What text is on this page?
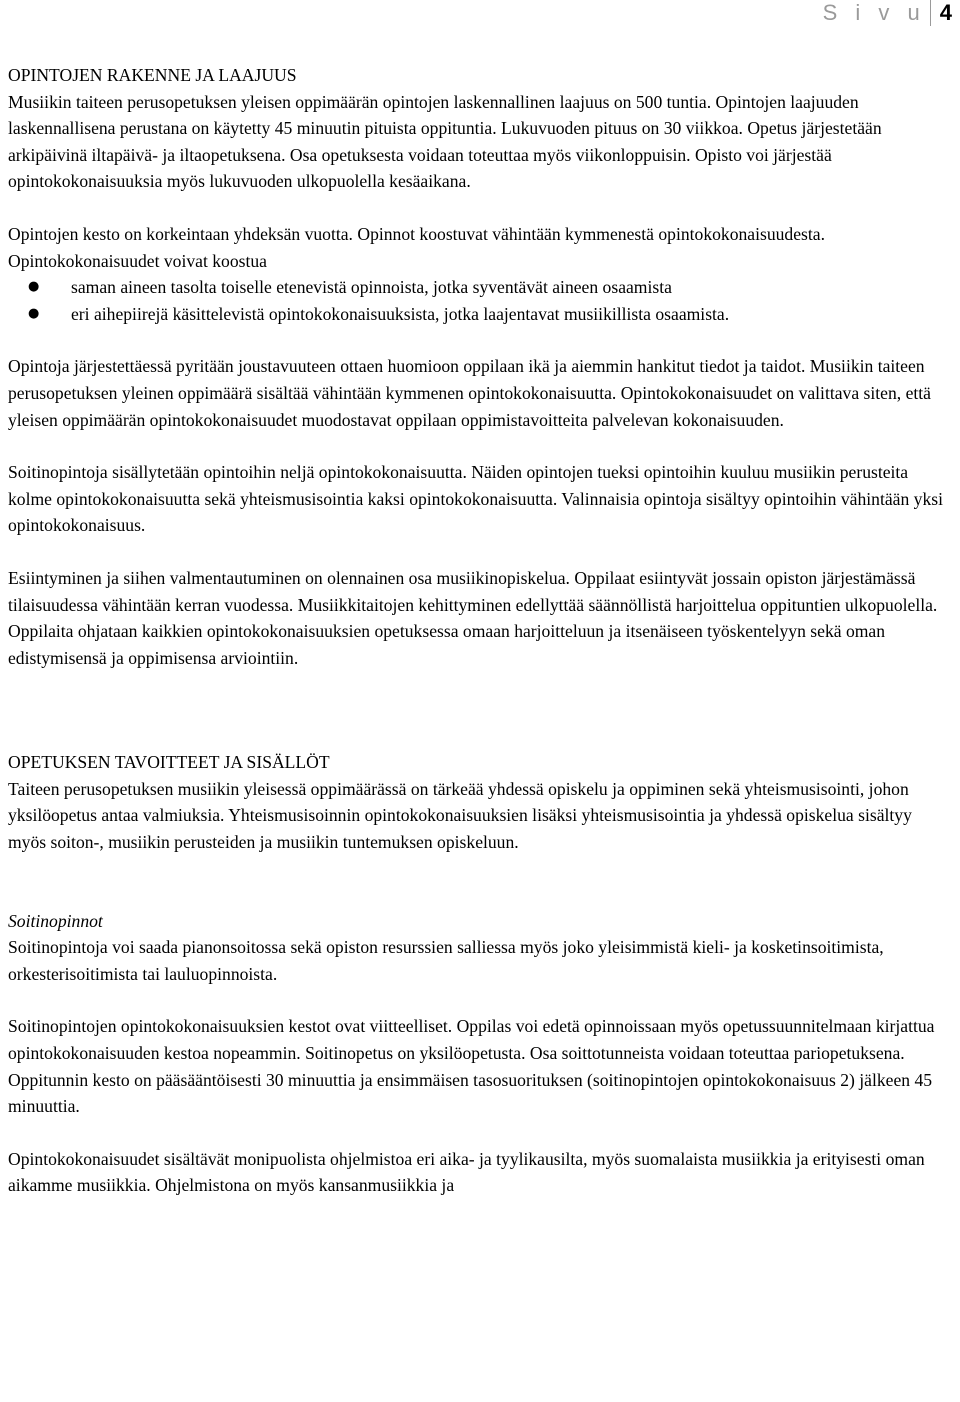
S i v u 4

OPINTOJEN RAKENNE JA LAAJUUS

Musiikin taiteen perusopetuksen yleisen oppimäärän opintojen laskennallinen laajuus on 500 tuntia. Opintojen laajuuden laskennallisena perustana on käytetty 45 minuutin pituista oppituntia. Lukuvuoden pituus on 30 viikkoa. Opetus järjestetään arkipäivinä iltapäivä- ja iltaopetuksena. Osa opetuksesta voidaan toteuttaa myös viikonloppuisin. Opisto voi järjestää opintokokonaisuuksia myös lukuvuoden ulkopuolella kesäaikana.

Opintojen kesto on korkeintaan yhdeksän vuotta. Opinnot koostuvat vähintään kymmenestä opintokokonaisuudesta. Opintokokonaisuudet voivat koostua

● saman aineen tasolta toiselle etenevistä opinnoista, jotka syventävät aineen osaamista
● eri aihepiirejä käsittelevistä opintokokonaisuuksista, jotka laajentavat musiikillista osaamista.

Opintoja järjestettäessä pyritään joustavuuteen ottaen huomioon oppilaan ikä ja aiemmin hankitut tiedot ja taidot. Musiikin taiteen perusopetuksen yleinen oppimäärä sisältää vähintään kymmenen opintokokonaisuutta. Opintokokonaisuudet on valittava siten, että yleisen oppimäärän opintokokonaisuudet muodostavat oppilaan oppimistavoitteita palvelevan kokonaisuuden.

Soitinopintoja sisällytetään opintoihin neljä opintokokonaisuutta. Näiden opintojen tueksi opintoihin kuuluu musiikin perusteita kolme opintokokonaisuutta sekä yhteismusisointia kaksi opintokokonaisuutta. Valinnaisia opintoja sisältyy opintoihin vähintään yksi opintokokonaisuus.

Esiintyminen ja siihen valmentautuminen on olennainen osa musiikinopiskelua. Oppilaat esiintyvät jossain opiston järjestämässä tilaisuudessa vähintään kerran vuodessa. Musiikkitaitojen kehittyminen edellyttää säännöllistä harjoittelua oppituntien ulkopuolella. Oppilaita ohjataan kaikkien opintokokonaisuuksien opetuksessa omaan harjoitteluun ja itsenäiseen työskentelyyn sekä oman edistymisensä ja oppimisensa arviointiin.

OPETUKSEN TAVOITTEET JA SISÄLLÖT

Taiteen perusopetuksen musiikin yleisessä oppimäärässä on tärkeää yhdessä opiskelu ja oppiminen sekä yhteismusisointi, johon yksilöopetus antaa valmiuksia. Yhteismusisoinnin opintokokonaisuuksien lisäksi yhteismusisointia ja yhdessä opiskelua sisältyy myös soiton-, musiikin perusteiden ja musiikin tuntemuksen opiskeluun.

Soitinopinnot

Soitinopintoja voi saada pianonsoitossa sekä opiston resurssien salliessa myös joko yleisimmistä kieli- ja kosketinsoitimista, orkesterisoitimista tai lauluopinnoista.

Soitinopintojen opintokokonaisuuksien kestot ovat viitteelliset. Oppilas voi edetä opinnoissaan myös opetussuunnitelmaan kirjattua opintokokonaisuuden kestoa nopeammin. Soitinopetus on yksilöopetusta. Osa soittotunneista voidaan toteuttaa pariopetuksena. Oppitunnin kesto on pääsääntöisesti 30 minuuttia ja ensimmäisen tasosuorituksen (soitinopintojen opintokokonaisuus 2) jälkeen 45 minuuttia.

Opintokokonaisuudet sisältävät monipuolista ohjelmistoa eri aika- ja tyylikausilta, myös suomalaista musiikkia ja erityisesti oman aikamme musiikkia. Ohjelmistona on myös kansanmusiikkia ja
